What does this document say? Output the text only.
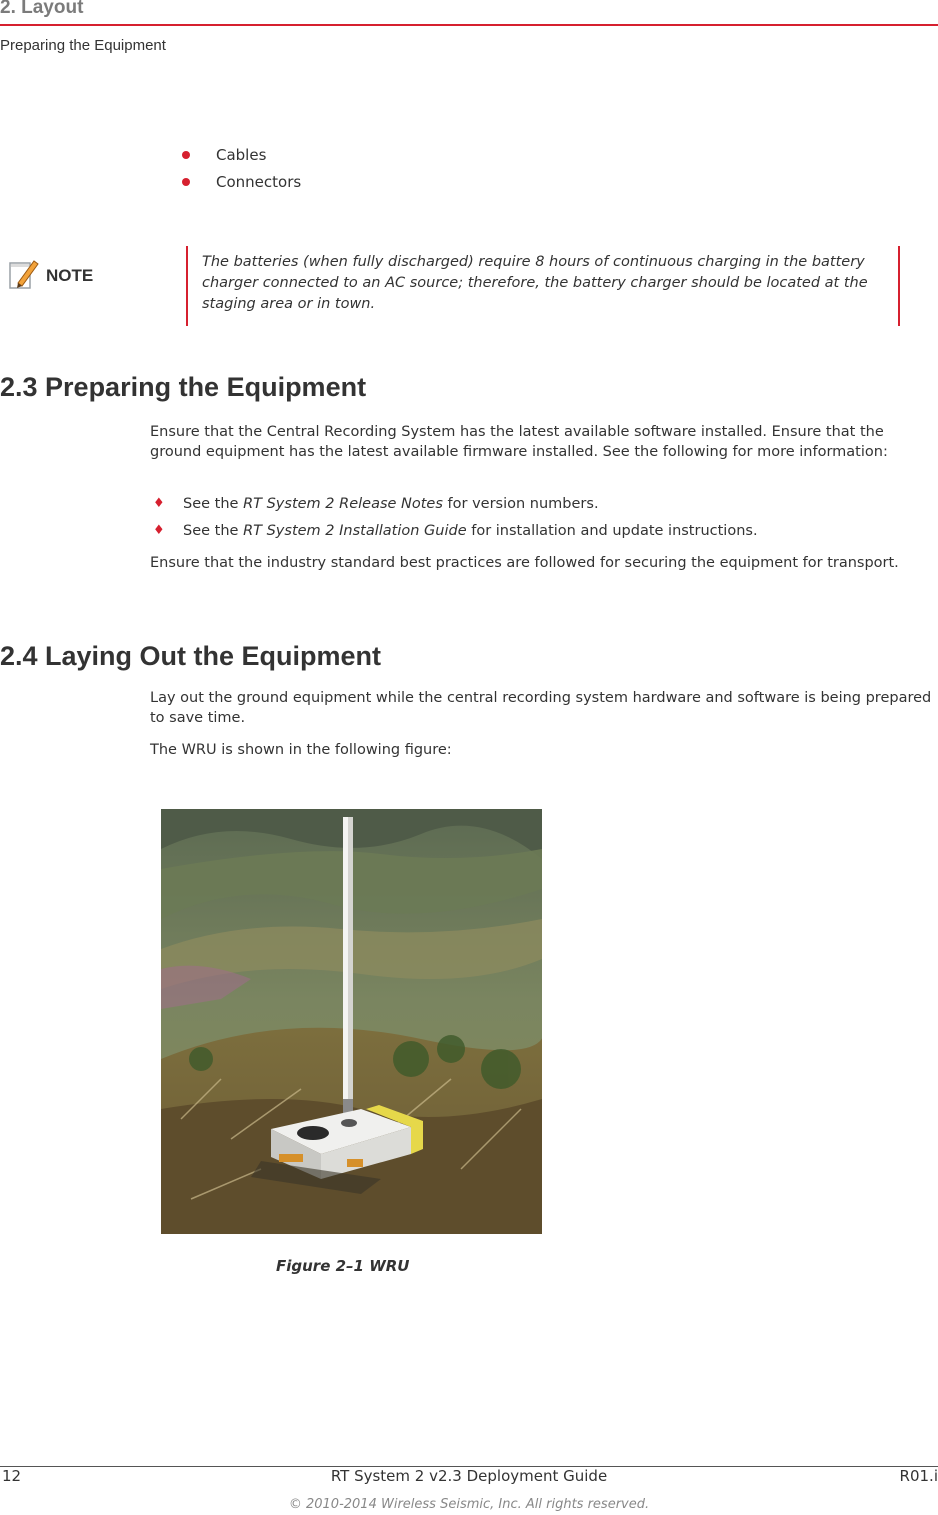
2. Layout
Preparing the Equipment
Cables
Connectors
NOTE
The batteries (when fully discharged) require 8 hours of continuous charging in the battery charger connected to an AC source; therefore, the battery charger should be located at the staging area or in town.
2.3 Preparing the Equipment

Ensure that the Central Recording System has the latest available software installed. Ensure that the ground equipment has the latest available firmware installed. See the following for more information:

♦	See the RT System 2 Release Notes for version numbers.
♦	See the RT System 2 Installation Guide for installation and update instructions.

Ensure that the industry standard best practices are followed for securing the equipment for transport.

2.4 Laying Out the Equipment

Lay out the ground equipment while the central recording system hardware and software is being prepared to save time.

The WRU is shown in the following figure:

Figure 2–1 WRU
12	RT System 2 v2.3 Deployment Guide	R01.i
© 2010-2014 Wireless Seismic, Inc. All rights reserved.
